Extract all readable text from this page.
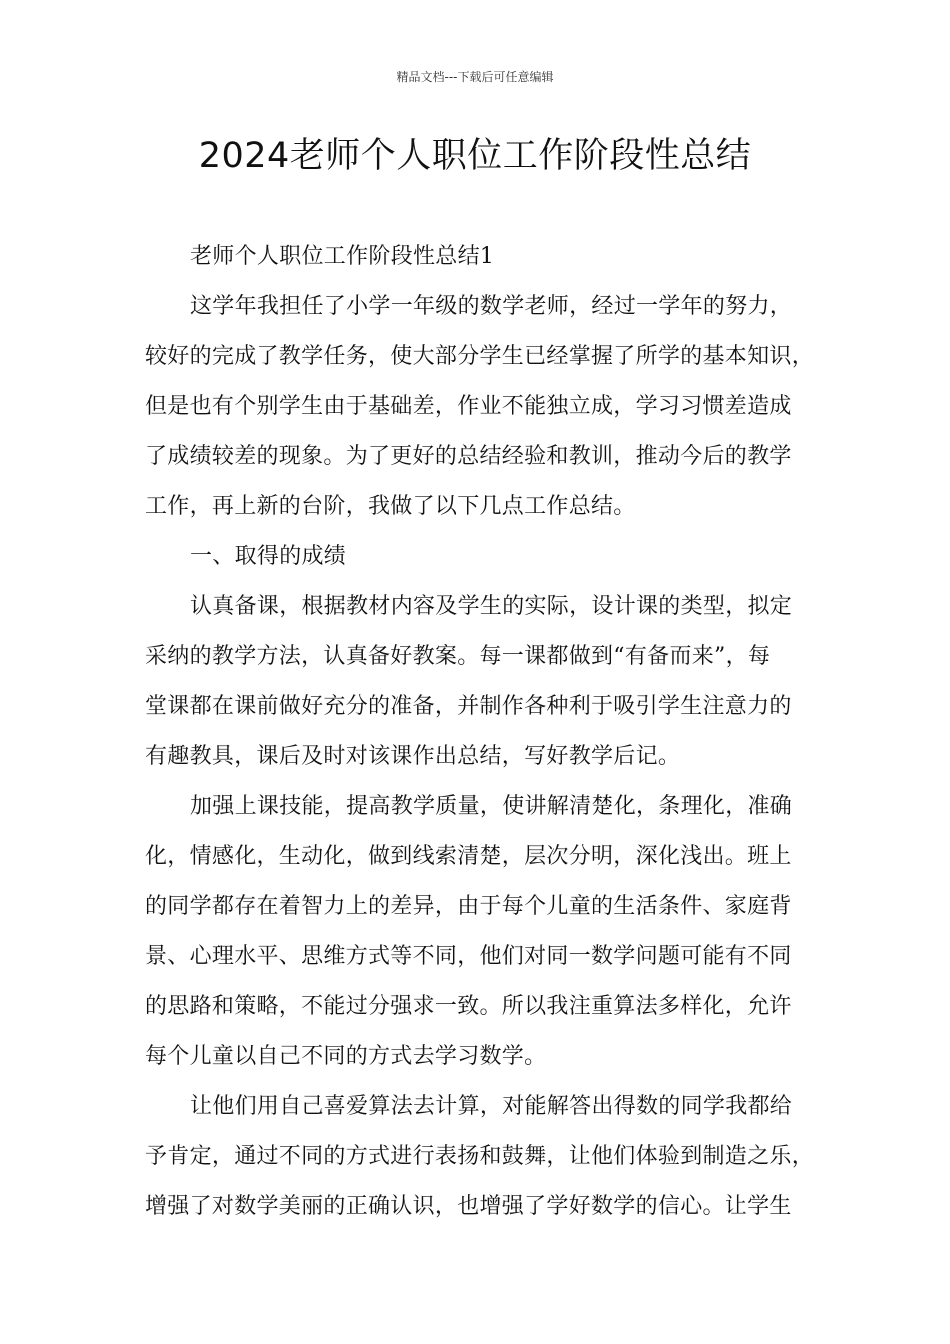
精品文档---下载后可任意编辑
2024老师个人职位工作阶段性总结
老师个人职位工作阶段性总结1
这学年我担任了小学一年级的数学老师，经过一学年的努力，
较好的完成了教学任务，使大部分学生已经掌握了所学的基本知识，
但是也有个别学生由于基础差，作业不能独立成，学习习惯差造成
了成绩较差的现象。为了更好的总结经验和教训，推动今后的教学
工作，再上新的台阶，我做了以下几点工作总结。
一、取得的成绩
认真备课，根据教材内容及学生的实际，设计课的类型，拟定
采纳的教学方法，认真备好教案。每一课都做到“有备而来”，每
堂课都在课前做好充分的准备，并制作各种利于吸引学生注意力的
有趣教具，课后及时对该课作出总结，写好教学后记。
加强上课技能，提高教学质量，使讲解清楚化，条理化，准确
化，情感化，生动化，做到线索清楚，层次分明，深化浅出。班上
的同学都存在着智力上的差异，由于每个儿童的生活条件、家庭背
景、心理水平、思维方式等不同，他们对同一数学问题可能有不同
的思路和策略，不能过分强求一致。所以我注重算法多样化，允许
每个儿童以自己不同的方式去学习数学。
让他们用自己喜爱算法去计算，对能解答出得数的同学我都给
予肯定，通过不同的方式进行表扬和鼓舞，让他们体验到制造之乐，
增强了对数学美丽的正确认识，也增强了学好数学的信心。让学生
